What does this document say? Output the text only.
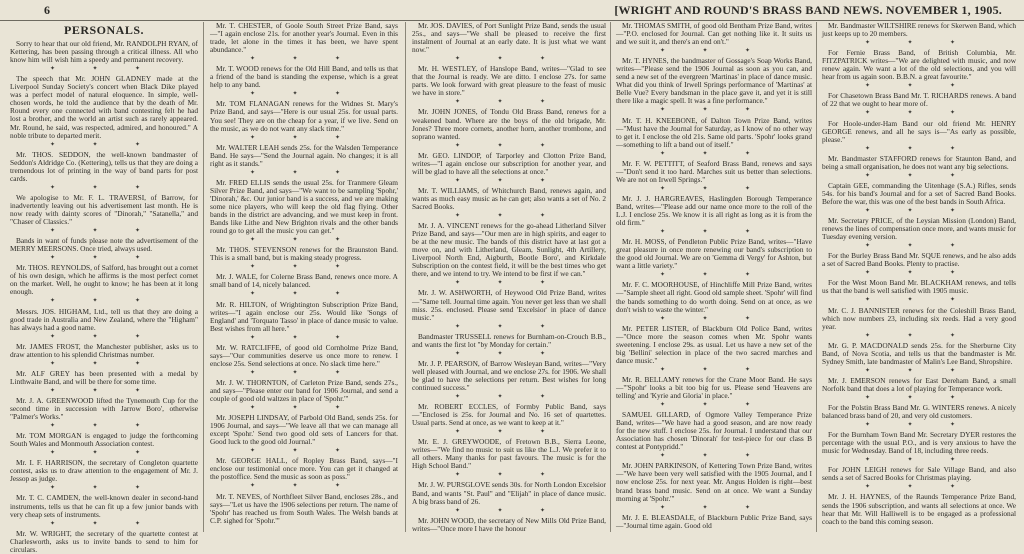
6	[WRIGHT AND ROUND'S BRASS BAND NEWS. NOVEMBER 1, 1905.

PERSONALS.

Sorry to hear that our old friend, Mr. RANDOLPH RYAN, of Kettering, has been passing through a critical illness. All who know him will wish him a speedy and permanent recovery.

✦ ✦ ✦

The speech that Mr. JOHN GLADNEY made at the Liverpool Sunday Society's concert when Black Dike played was a perfect model of natural eloquence. In simple, well-chosen words, he told the audience that by the death of Mr. Round every one connected with band contesting felt he had lost a brother, and the world an artist such as rarely appeared. Mr. Round, he said, was respected, admired, and honoured." A noble tribute to departed merit.

✦ ✦ ✦

Mr. THOS. SEDDON, the well-known bandmaster of Seddon's Aldridge Co. (Kettering), tells us that they are doing a tremendous lot of printing in the way of band parts for post cards.

✦ ✦ ✦

We apologise to Mr. F. L. TRAVERSI, of Barrow, for inadvertently leaving out his advertisement last month. He is now ready with dainty scores of "Dinorah," "Satanella," and "Chaser of Classics."

✦ ✦ ✦

Bands in want of funds please note the advertisement of the MERRY MEERSONS. Once tried, always used.

✦ ✦ ✦

Mr. THOS. REYNOLDS, of Salford, has brought out a cornet of his own design, which he affirms is the most perfect cornet on the market. Well, he ought to know; he has been at it long enough.

✦ ✦ ✦

Messrs. JOS. HIGHAM, Ltd., tell us that they are doing a good trade in Australia and New Zealand, where the "Higham" has always had a good name.

✦ ✦ ✦

Mr. JAMES FROST, the Manchester publisher, asks us to draw attention to his splendid Christmas number.

✦ ✦ ✦

Mr. ALF GREY has been presented with a medal by Linthwaite Band, and will be there for some time.

✦ ✦ ✦

Mr. J. A. GREENWOOD lifted the Tynemouth Cup for the second time in succession with Jarrow Boro', otherwise "Palmer's Works."

✦ ✦ ✦

Mr. TOM MORGAN is engaged to judge the forthcoming South Wales and Monmouth Association contest.

✦ ✦ ✦

Mr. I. F. HARRISON, the secretary of Congleton quartette contest, asks us to draw attention to the engagement of Mr. J. Jessop as judge.

✦ ✦ ✦

Mr. T. C. CAMDEN, the well-known dealer in second-hand instruments, tells us that he can fit up a few junior bands with very cheap sets of instruments.

✦ ✦ ✦

Mr. W. WRIGHT, the secretary of the quartette contest at Charlesworth, asks us to invite bands to send to him for circulars.

Mr. T. CHESTER, of Goole South Street Prize Band, says—"I again enclose 21s. for another year's Journal. Even in this trade, let alone in the times it has been, we have spent abundance."

✦ ✦ ✦

Mr. T. WOOD renews for the Old Hill Band, and tells us that a friend of the band is standing the expense, which is a great help to any band.

✦ ✦ ✦

Mr. TOM FLANAGAN renews for the Widnes St. Mary's Prize Band, and says—"Here is our usual 25s. for usual parts. You see! They are on the cheap for a year, if we live. Send on the music, as we do not want any slack time."

✦ ✦ ✦

Mr. WALTER LEAH sends 25s. for the Walsden Temperance Band. He says—"Send the Journal again. No changes; it is all right as it stands."

✦ ✦ ✦

Mr. FRED ELLIS sends the usual 25s. for Tranmere Gleam Silver Prize Band, and says—"We want to be sampling 'Spohr,' 'Dinorah,' &c. Our junior band is a success, and we are making some nice players, who will keep the old flag flying. Other bands in the district are advancing, and we must keep in front. Bands like Lithe and New Brighton rivals and the other bands round go to get all the music you can get."

✦ ✦ ✦

Mr. THOS. STEVENSON renews for the Braunston Band. This is a small band, but is making steady progress.

✦ ✦ ✦

Mr. J. WALE, for Colerne Brass Band, renews once more. A small band of 14, nicely balanced.

✦ ✦ ✦

Mr. R. HILTON, of Wrightington Subscription Prize Band, writes—"I again enclose our 25s. Would like 'Songs of England' and 'Torquato Tasso' in place of dance music to value. Best wishes from all here."

✦ ✦ ✦

Mr. W. RATCLIFFE, of good old Cornholme Prize Band, says—"Our communities deserve us once more to renew. I enclose 25s. Send selections at once. No slack time here."

✦ ✦ ✦

Mr. J. W. THORNTON, of Carleton Prize Band, sends 27s., and says—"Please enter our band for 1906 Journal, and send a couple of good old waltzes in place of 'Spohr.'"

✦ ✦ ✦

Mr. JOSEPH LINDSAY, of Parbold Old Band, sends 25s. for 1906 Journal, and says—"We leave all that we can manage all except 'Spohr.' Send two good old sets of Lancers for that. Good luck to the good old Journal."

✦ ✦ ✦

Mr. GEORGE HALL, of Ropley Brass Band, says—"I enclose our testimonial once more. You can get it changed at the postoffice. Send the music as soon as poss."

✦ ✦ ✦

Mr. T. NEVES, of Northfleet Silver Band, encloses 28s., and says—"Let us have the 1906 selections per return. The name of 'Spohr' has reached us from South Wales. The Welsh bands at C.P. sighed for 'Spohr.'"

Mr. JOS. DAVIES, of Port Sunlight Prize Band, sends the usual 25s., and says—"We shall be pleased to receive the first instalment of Journal at an early date. It is just what we want now."

✦ ✦ ✦

Mr. H. WESTLEY, of Hanslope Band, writes—"Glad to see that the Journal is ready. We are ditto. I enclose 27s. for same parts. We look forward with great pleasure to the feast of music we have in store."

✦ ✦ ✦

Mr. JOHN JONES, of Tondu Old Brass Band, renews for a weakened band. Where are the boys of the old brigade, Mr. Jones? Three more cornets, another horn, another trombone, and soprano wanted.

✦ ✦ ✦

Mr. GEO. LINDOP, of Tarporley and Clotton Prize Band, writes—"I again enclose our subscription for another year, and will be glad to have all the selections at once."

✦ ✦ ✦

Mr. T. WILLIAMS, of Whitchurch Band, renews again, and wants as much easy music as he can get; also wants a set of No. 2 Sacred Books.

✦ ✦ ✦

Mr. J. A. VINCENT renews for the go-ahead Litherland Silver Prize Band, and says—"Our men are in high spirits, and eager to be at the new music. The bands of this district have at last got a move on, and with Litherland, Gleam, Sunlight, 4th Artillery, Liverpool North End, Aigburth, Bootle Boro', and Kirkdale Subscription on the contest field, it will be the best times who get there, and we intend to try. We intend to be first if we can."

✦ ✦ ✦

Mr. J. W. ASHWORTH, of Heywood Old Prize Band, writes—"Same tell. Journal time again. You never get less than we shall miss. 25s. enclosed. Please send 'Excelsior' in place of dance music."

✦ ✦ ✦

Bandmaster TRUSSELL renews for Burnham-on-Crouch B.B., and wants the first lot "by Monday for certain."

✦ ✦ ✦

Mr. J. P. PEARSON, of Barrow Wesleyan Band, writes—"Very well pleased with Journal, and we enclose 27s. for 1906. We shall be glad to have the selections per return. Best wishes for long continued success."

✦ ✦ ✦

Mr. ROBERT ECCLES, of Formby Public Band, says—"Enclosed is 25s. for Journal and No. 16 set of quartettes. Usual parts. Send at once, as we want to keep at it."

✦ ✦ ✦

Mr. E. J. GREYWOODE, of Fretown B.B., Sierra Leone, writes—"We find no music to suit us like the L.J. We prefer it to all others. Many thanks for past favours. The music is for the High School Band."

✦ ✦ ✦

Mr. J. W. PURSGLOVE sends 30s. for North London Excelsior Band, and wants "St. Paul" and "Elijah" in place of dance music. A big brass band of 26.

✦ ✦ ✦

Mr. JOHN WOOD, the secretary of New Mills Old Prize Band, writes—"Once more I have the honour

Mr. THOMAS SMITH, of good old Bentham Prize Band, writes—"P.O. enclosed for Journal. Can get nothing like it. It suits us and we suit it, and there's an end on't."

✦ ✦ ✦

Mr. T. HYNES, the bandmaster of Gossage's Soap Works Band, writes—"Please send the 1906 Journal as soon as you can, and send a new set of the evergreen 'Martinas' in place of dance music. What did you think of Irwell Springs performance of 'Martinas' at Belle Vue? Every bandsman in the place gave it, and yet it is still there like a magic spell. It was a fine performance."

✦ ✦ ✦

Mr. T. H. KNEEBONE, of Dalton Town Prize Band, writes—"Must have the Journal for Saturday, as I know of no other way to get it. I enclose the old 21s. Same old parts. 'Spohr' looks grand—something to lift a band out of itself."

✦ ✦ ✦

Mr. F. W. PETTITT, of Seaford Brass Band, renews and says—"Don't send it too hard. Marches suit us better than selections. We are not on Irwell Springs."

✦ ✦ ✦

Mr. J. J. HARGREAVES, Haslingden Borough Temperance Band, writes—"Please add our name once more to the roll of the L.J. I enclose 25s. We know it is all right as long as it is from the old firm."

✦ ✦ ✦

Mr. H. MOSS, of Pendleton Public Prize Band, writes—"Have great pleasure in once more renewing our band's subscription to the good old Journal. We are on 'Gemma di Vergy' for Ashton, but want a little variety."

✦ ✦ ✦

Mr. F. C. MOORHOUSE, of Hinchliffe Mill Prize Band, writes—"Sample sheet all right. Good old sample sheet. 'Spohr' will find the bands something to do worth doing. Send on at once, as we don't wish to waste the winter."

✦ ✦ ✦

Mr. PETER LISTER, of Blackburn Old Police Band, writes—"Once more the season comes when Mr. Spohr wants sweetening. I enclose 29s. as usual. Let us have a new set of the big 'Bellini' selection in place of the two sacred marches and dance music."

✦ ✦ ✦

Mr. R. BELLAMY renews for the Crane Moor Band. He says—"'Spohr' looks a bit too big for us. Please send 'Heavens are telling' and 'Kyrie and Gloria' in place."

✦ ✦ ✦

SAMUEL GILLARD, of Ogmore Valley Temperance Prize Band, writes—"We have had a good season, and are now ready for the new stuff. I enclose 25s. for Journal. I understand that our Association has chosen 'Dinorah' for test-piece for our class B contest at Pontypridd."

✦ ✦ ✦

Mr. JOHN PARKINSON, of Kettering Town Prize Band, writes—"We have been very well satisfied with the 1905 Journal, and I now enclose 25s. for next year. Mr. Angus Holden is right—best brand brass band music. Send on at once. We want a Sunday morning at 'Spohr.'"

✦ ✦ ✦

Mr. J. E. BLEASDALE, of Blackburn Public Prize Band, says—"Journal time again. Good old

Mr. Bandmaster WILTSHIRE renews for Skerwen Band, which just keeps up to 20 members.

✦ ✦ ✦

For Fernie Brass Band, of British Columbia, Mr. FITZPATRICK writes—"We are delighted with music, and now renew again. We want a lot of the old selections, and you will hear from us again soon. B.B.N. a great favourite."

✦ ✦ ✦

For Chasetown Brass Band Mr. T. RICHARDS renews. A band of 22 that we ought to hear more of.

✦ ✦ ✦

For Hoole-under-Ham Band our old friend Mr. HENRY GEORGE renews, and all he says is—"As early as possible, please."

✦ ✦ ✦

Mr. Bandmaster STAFFORD renews for Staunton Band, and being a small organisation, he does not want any big selections.

✦ ✦ ✦

Captain GEE, commanding the Uitenhage (S.A.) Rifles, sends 54s. for his band's Journal and for a set of Sacred Band Books. Before the war, this was one of the best bands in South Africa.

✦ ✦ ✦

Mr. Secretary PRICE, of the Leysian Mission (London) Band, renews the lines of compensation once more, and wants music for Tuesday evening version.

✦ ✦ ✦

For the Burley Brass Band Mr. SQUE renews, and he also adds a set of Sacred Band Books. Plenty to practise.

✦ ✦ ✦

For the West Moon Band Mr. BLACKHAM renews, and tells us that the band is well satisfied with 1905 music.

✦ ✦ ✦

Mr. C. J. BANNISTER renews for the Coleshill Brass Band, which now numbers 23, including six reeds. Had a very good year.

✦ ✦ ✦

Mr. G. P. MACDONALD sends 25s. for the Sherburne City Band, of Nova Scotia, and tells us that the bandmaster is Mr. Sydney Smith, late bandmaster of Malin's Lee Band, Shropshire.

✦ ✦ ✦

Mr. J. EMERSON renews for East Dereham Band, a small Norfolk band that does a lot of playing for Temperance work.

✦ ✦ ✦

For the Polstin Brass Band Mr. G. WINTERS renews. A nicely balanced brass band of 20, and very old customers.

✦ ✦ ✦

For the Burnham Town Band Mr. Secretary DYER restores the percentage with the usual P.O., and is very anxious to have the music for Wednesday. Band of 18, including three reeds.

✦ ✦ ✦

For JOHN LEIGH renews for Sale Village Band, and also sends a set of Sacred Books for Christmas playing.

✦ ✦ ✦

Mr. J. H. HAYNES, of the Raunds Temperance Prize Band, sends the 1906 subscription, and wants all selections at once. We hear that Mr. Will Halliwell is to be engaged as a professional coach to the band this coming season.
